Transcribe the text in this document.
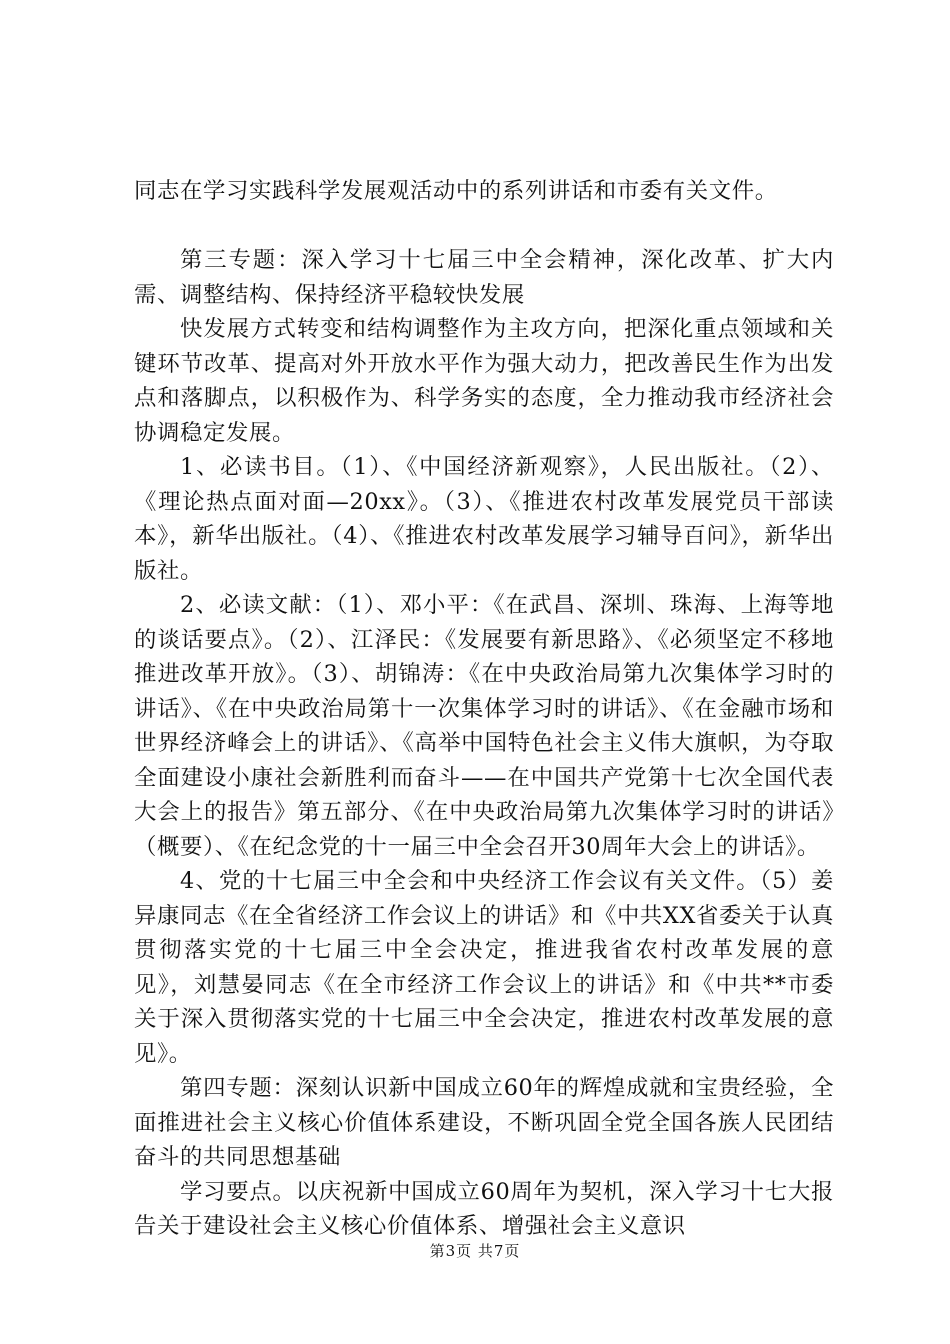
同志在学习实践科学发展观活动中的系列讲话和市委有关文件。

第三专题：深入学习十七届三中全会精神，深化改革、扩大内需、调整结构、保持经济平稳较快发展

快发展方式转变和结构调整作为主攻方向，把深化重点领域和关键环节改革、提高对外开放水平作为强大动力，把改善民生作为出发点和落脚点，以积极作为、科学务实的态度，全力推动我市经济社会协调稳定发展。

1、必读书目。（1）、《中国经济新观察》，人民出版社。（2）、《理论热点面对面—20xx》。（3）、《推进农村改革发展党员干部读本》，新华出版社。（4）、《推进农村改革发展学习辅导百问》，新华出版社。

2、必读文献：（1）、邓小平：《在武昌、深圳、珠海、上海等地的谈话要点》。（2）、江泽民：《发展要有新思路》、《必须坚定不移地推进改革开放》。（3）、胡锦涛：《在中央政治局第九次集体学习时的讲话》、《在中央政治局第十一次集体学习时的讲话》、《在金融市场和世界经济峰会上的讲话》、《高举中国特色社会主义伟大旗帜，为夺取全面建设小康社会新胜利而奋斗——在中国共产党第十七次全国代表大会上的报告》第五部分、《在中央政治局第九次集体学习时的讲话》（概要）、《在纪念党的十一届三中全会召开30周年大会上的讲话》。

4、党的十七届三中全会和中央经济工作会议有关文件。（5）姜异康同志《在全省经济工作会议上的讲话》和《中共XX省委关于认真贯彻落实党的十七届三中全会决定，推进我省农村改革发展的意见》，刘慧晏同志《在全市经济工作会议上的讲话》和《中共**市委关于深入贯彻落实党的十七届三中全会决定，推进农村改革发展的意见》。

第四专题：深刻认识新中国成立60年的辉煌成就和宝贵经验，全面推进社会主义核心价值体系建设，不断巩固全党全国各族人民团结奋斗的共同思想基础

学习要点。以庆祝新中国成立60周年为契机，深入学习十七大报告关于建设社会主义核心价值体系、增强社会主义意识

第3页 共7页
